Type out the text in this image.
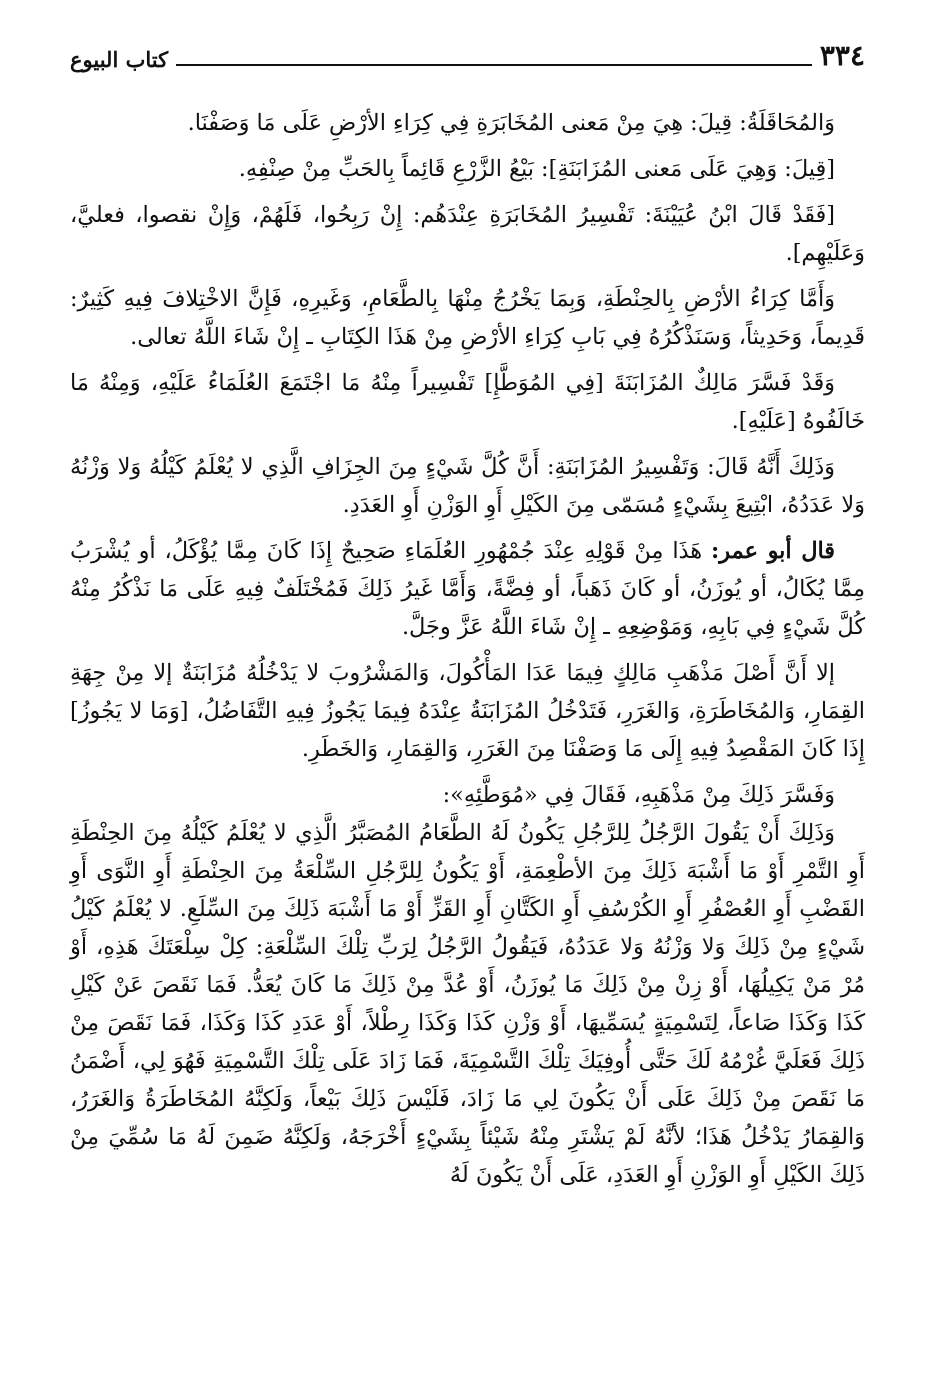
٣٣٤
كتاب البيوع

وَالمُحَاقَلَةُ: قِيلَ: هِيَ مِنْ مَعنى المُخَابَرَةِ فِي كِرَاءِ الأرْضِ عَلَى مَا وَصَفْنَا.

[قِيلَ: وَهِيَ عَلَى مَعنى المُزَابَنَةِ]: بَيْعُ الزَّرْعِ قَائِماً بِالحَبِّ مِنْ صِنْفِهِ.

[فَقَدْ قَالَ ابْنُ عُيَيْنَةَ: تَفْسِيرُ المُخَابَرَةِ عِنْدَهُم: إِنْ رَبِحُوا، فَلَهُمْ، وَإِنْ نقصوا، فعليَّ، وَعَلَيْهِم].

وَأَمَّا كِرَاءُ الأرْضِ بِالحِنْطَةِ، وَبِمَا يَخْرُجُ مِنْهَا بِالطَّعَامِ، وَغَيرِهِ، فَإِنَّ الاخْتِلافَ فِيهِ كَثِيرٌ: قَدِيماً، وَحَدِيثاً، وَسَنَذْكُرُهُ فِي بَابِ كِرَاءِ الأرْضِ مِنْ هَذَا الكِتَابِ ـ إِنْ شَاءَ اللَّهُ تعالى.

وَقَدْ فَسَّرَ مَالِكٌ المُزَابَنَةَ [فِي المُوَطَّإِ] تَفْسِيراً مِنْهُ مَا اجْتَمَعَ العُلَمَاءُ عَلَيْهِ، وَمِنْهُ مَا خَالَفُوهُ [عَلَيْهِ].

وَذَلِكَ أَنَّهُ قَالَ: وَتَفْسِيرُ المُزَابَنَةِ: أَنَّ كُلَّ شَيْءٍ مِنَ الجِزَافِ الَّذِي لا يُعْلَمُ كَيْلُهُ وَلا وَزْنُهُ وَلا عَدَدُهُ، ابْتِيعَ بِشَيْءٍ مُسَمّى مِنَ الكَيْلِ أَوِ الوَزْنِ أَوِ العَدَدِ.

قال أبو عمر: هَذَا مِنْ قَوْلِهِ عِنْدَ جُمْهُورِ العُلَمَاءِ صَحِيحٌ إِذَا كَانَ مِمَّا يُؤْكَلُ، أو يُشْرَبُ مِمَّا يُكَالُ، أو يُوزَنُ، أو كَانَ ذَهَباً، أو فِضَّةً، وَأَمَّا غَيرُ ذَلِكَ فَمُخْتَلَفٌ فِيهِ عَلَى مَا نَذْكُرُ مِنْهُ كُلَّ شَيْءٍ فِي بَابِهِ، وَمَوْضِعِهِ ـ إِنْ شَاءَ اللَّهُ عَزَّ وجَلَّ.

إلا أَنَّ أَصْلَ مَذْهَبِ مَالِكٍ فِيمَا عَدَا المَأْكُولَ، وَالمَشْرُوبَ لا يَدْخُلُهُ مُزَابَنَةٌ إلا مِنْ جِهَةِ القِمَارِ، وَالمُخَاطَرَةِ، وَالغَرَرِ، فَتَدْخُلُ المُزَابَنَةُ عِنْدَهُ فِيمَا يَجُوزُ فِيهِ التَّفَاضُلُ، [وَمَا لا يَجُوزُ] إِذَا كَانَ المَقْصِدُ فِيهِ إِلَى مَا وَصَفْنَا مِنَ الغَرَرِ، وَالقِمَارِ، وَالخَطَرِ.

وَفَسَّرَ ذَلِكَ مِنْ مَذْهَبِهِ، فَقَالَ فِي «مُوَطَّئِهِ»:

وَذَلِكَ أَنْ يَقُولَ الرَّجُلُ لِلرَّجُلِ يَكُونُ لَهُ الطَّعَامُ المُصَبَّرُ الَّذِي لا يُعْلَمُ كَيْلُهُ مِنَ الحِنْطَةِ أَوِ التَّمْرِ أَوْ مَا أَشْبَهَ ذَلِكَ مِنَ الأطْعِمَةِ، أَوْ يَكُونُ لِلرَّجُلِ السِّلْعَةُ مِنَ الحِنْطَةِ أَوِ النَّوَى أَوِ القَضْبِ أَوِ العُصْفُرِ أَوِ الكُرْسُفِ أَوِ الكَتَّانِ أَوِ القَزِّ أَوْ مَا أَشْبَهَ ذَلِكَ مِنَ السِّلَعِ. لا يُعْلَمُ كَيْلُ شَيْءٍ مِنْ ذَلِكَ وَلا وَزْنُهُ وَلا عَدَدُهُ، فَيَقُولُ الرَّجُلُ لِرَبِّ تِلْكَ السِّلْعَةِ: كِلْ سِلْعَتَكَ هَذِهِ، أَوْ مُرْ مَنْ يَكِيلُهَا، أَوْ زِنْ مِنْ ذَلِكَ مَا يُوزَنُ، أَوْ عُدَّ مِنْ ذَلِكَ مَا كَانَ يُعَدُّ. فَمَا نَقَصَ عَنْ كَيْلِ كَذَا وَكَذَا صَاعاً، لِتَسْمِيَةٍ يُسَمِّيهَا، أَوْ وَزْنِ كَذَا وَكَذَا رِطْلاً، أَوْ عَدَدِ كَذَا وَكَذَا، فَمَا نَقَصَ مِنْ ذَلِكَ فَعَلَيَّ غُرْمُهُ لَكَ حَتَّى أُوفِيَكَ تِلْكَ التَّسْمِيَةَ، فَمَا زَادَ عَلَى تِلْكَ التَّسْمِيَةِ فَهُوَ لِي، أَضْمَنُ مَا نَقَصَ مِنْ ذَلِكَ عَلَى أَنْ يَكُونَ لِي مَا زَادَ، فَلَيْسَ ذَلِكَ بَيْعاً، وَلَكِنَّهُ المُخَاطَرَةُ وَالغَرَرُ، وَالقِمَارُ يَدْخُلُ هَذَا؛ لأنَّهُ لَمْ يَشْتَرِ مِنْهُ شَيْئاً بِشَيْءٍ أَخْرَجَهُ، وَلَكِنَّهُ ضَمِنَ لَهُ مَا سُمِّيَ مِنْ ذَلِكَ الكَيْلِ أَوِ الوَزْنِ أَوِ العَدَدِ، عَلَى أَنْ يَكُونَ لَهُ
